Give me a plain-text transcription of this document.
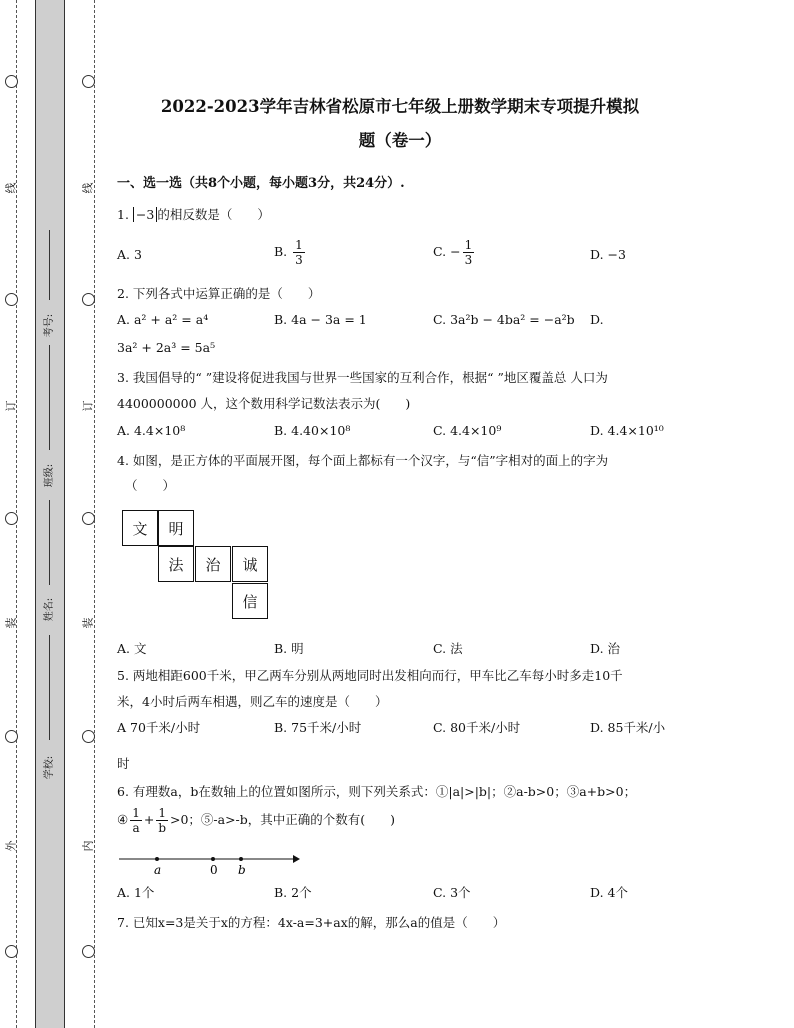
线
订
装
外
线
订
装
内
考号:
班级:
姓名:
学校:
2022-2023学年吉林省松原市七年级上册数学期末专项提升模拟
题（卷一）
一、选一选（共8个小题，每小题3分，共24分）.
1. −3 的相反数是（　　）
A. 3	B. $\frac{1}{3}$	C. − $\frac{1}{3}$	D. −3
2. 下列各式中运算正确的是（　　）
A. a² + a² = a⁴	B. 4a − 3a = 1	C. 3a²b − 4ba² = −a²b D.
3a² + 2a³ = 5a⁵
3. 我国倡导的“ ”建设将促进我国与世界一些国家的互利合作，根据“ ”地区覆盖总 人口为
4400000000 人，这个数用科学记数法表示为(　　)
A. 4.4×10⁸	B. 4.40×10⁸	C. 4.4×10⁹	D. 4.4×10¹⁰
4. 如图，是正方体的平面展开图，每个面上都标有一个汉字，与“信”字相对的面上的字为
（　　）
文	明
法	治	诚
信
A. 文	B. 明	C. 法	D. 治
5. 两地相距600千米，甲乙两车分别从两地同时出发相向而行，甲车比乙车每小时多走10千
米，4小时后两车相遇，则乙车的速度是（　　）
A 70千米/小时	B. 75千米/小时	C. 80千米/小时	D. 85千米/小
时
6. 有理数a，b在数轴上的位置如图所示，则下列关系式：①|a|>|b|；②a-b>0；③a+b>0；
④ $\frac{1}{a} + \frac{1}{b} >0$；⑤-a>-b，其中正确的个数有(　　)
a	0 b
A. 1个	B. 2个	C. 3个	D. 4个
7. 已知x=3是关于x的方程：4x-a=3+ax的解，那么a的值是（　　）
